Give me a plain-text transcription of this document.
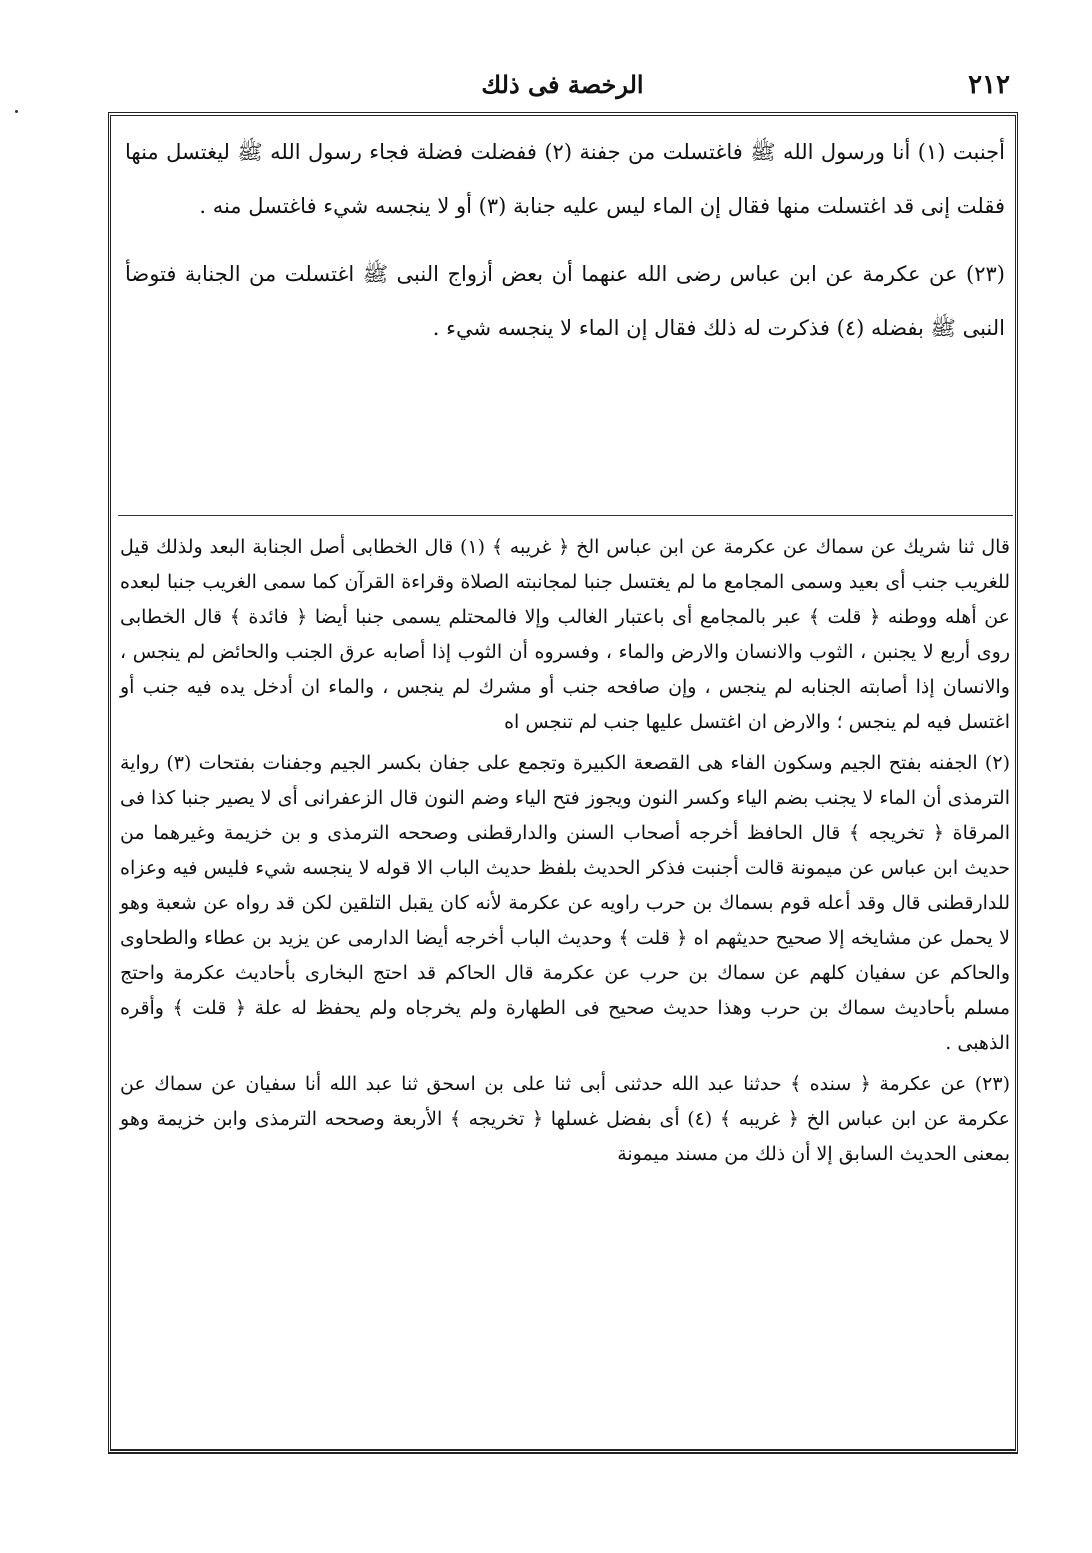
٢١٢
الرخصة فى ذلك

أجنبت (١) أنا ورسول الله ﷺ فاغتسلت من جفنة (٢) ففضلت فضلة فجاء رسول الله ﷺ ليغتسل منها فقلت إنى قد اغتسلت منها فقال إن الماء ليس عليه جنابة (٣) أو لا ينجسه شيء فاغتسل منه .

(٢٣) عن عكرمة عن ابن عباس رضى الله عنهما أن بعض أزواج النبى ﷺ اغتسلت من الجنابة فتوضأ النبى ﷺ بفضله (٤) فذكرت له ذلك فقال إن الماء لا ينجسه شيء .

قال ثنا شريك عن سماك عن عكرمة عن ابن عباس الخ ﴿ غريبه ﴾ (١) قال الخطابى أصل الجنابة البعد ولذلك قيل للغريب جنب أى بعيد وسمى المجامع ما لم يغتسل جنبا لمجانبته الصلاة وقراءة القرآن كما سمى الغريب جنبا لبعده عن أهله ووطنه ﴿ قلت ﴾ عبر بالمجامع أى باعتبار الغالب وإلا فالمحتلم يسمى جنبا أيضا ﴿ فائدة ﴾ قال الخطابى روى أربع لا يجنبن ، الثوب والانسان والارض والماء ، وفسروه أن الثوب إذا أصابه عرق الجنب والحائض لم ينجس ، والانسان إذا أصابته الجنابه لم ينجس ، وإن صافحه جنب أو مشرك لم ينجس ، والماء ان أدخل يده فيه جنب أو اغتسل فيه لم ينجس ؛ والارض ان اغتسل عليها جنب لم تنجس اه

(٢) الجفنه بفتح الجيم وسكون الفاء هى القصعة الكبيرة وتجمع على جفان بكسر الجيم وجفنات بفتحات (٣) رواية الترمذى أن الماء لا يجنب بضم الياء وكسر النون ويجوز فتح الياء وضم النون قال الزعفرانى أى لا يصير جنبا كذا فى المرقاة ﴿ تخريجه ﴾ قال الحافظ أخرجه أصحاب السنن والدارقطنى وصححه الترمذى و بن خزيمة وغيرهما من حديث ابن عباس عن ميمونة قالت أجنبت فذكر الحديث بلفظ حديث الباب الا قوله لا ينجسه شيء فليس فيه وعزاه للدارقطنى قال وقد أعله قوم بسماك بن حرب راويه عن عكرمة لأنه كان يقبل التلقين لكن قد رواه عن شعبة وهو لا يحمل عن مشايخه إلا صحيح حديثهم اه ﴿ قلت ﴾ وحديث الباب أخرجه أيضا الدارمى عن يزيد بن عطاء والطحاوى والحاكم عن سفيان كلهم عن سماك بن حرب عن عكرمة قال الحاكم قد احتج البخارى بأحاديث عكرمة واحتج مسلم بأحاديث سماك بن حرب وهذا حديث صحيح فى الطهارة ولم يخرجاه ولم يحفظ له علة ﴿ قلت ﴾ وأقره الذهبى .

(٢٣) عن عكرمة ﴿ سنده ﴾ حدثنا عبد الله حدثنى أبى ثنا على بن اسحق ثنا عبد الله أنا سفيان عن سماك عن عكرمة عن ابن عباس الخ ﴿ غريبه ﴾ (٤) أى بفضل غسلها ﴿ تخريجه ﴾ الأربعة وصححه الترمذى وابن خزيمة وهو بمعنى الحديث السابق إلا أن ذلك من مسند ميمونة
